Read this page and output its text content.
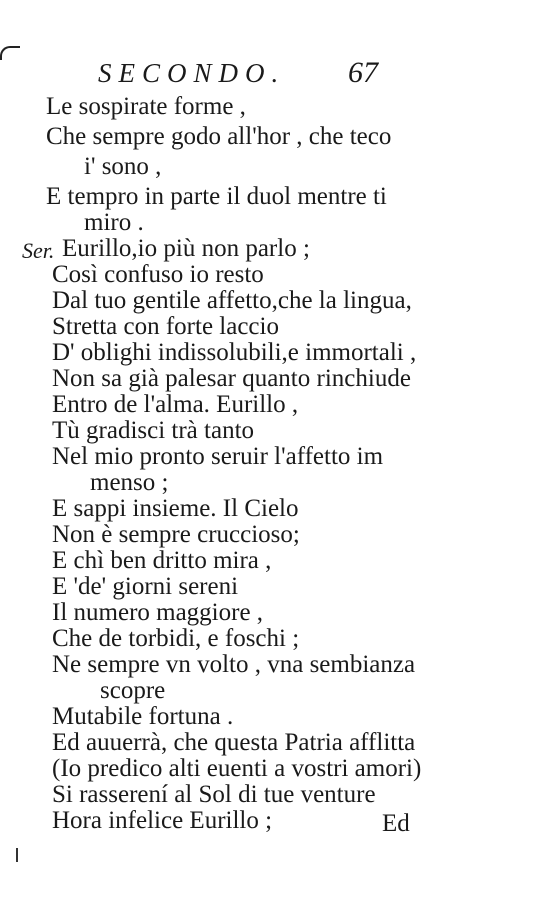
SECONDO. 67
Le sospirate forme ,
Che sempre godo all'hor , che teco
i' sono ,
E tempro in parte il duol mentre ti
miro .
Ser. Eurillo,io più non parlo ;
Così confuso io resto
Dal tuo gentile affetto,che la lingua,
Stretta con forte laccio
D' oblighi indissolubili,e immortali ,
Non sa già palesar quanto rinchiude
Entro de l'alma. Eurillo ,
Tù gradisci trà tanto
Nel mio pronto seruir l'affetto im
menso ;
E sappi insieme. Il Cielo
Non è sempre crucciosо;
E chì ben dritto mira ,
E 'de' giorni sereni
Il numero maggiore ,
Che de torbidi, e foschi ;
Ne sempre vn volto , vna sembianza
scopre
Mutabile fortuna .
Ed auuerrà, che questa Patria afflitta
(Io predico alti euenti a vostri amori)
Si rasserení al Sol di tue venture
Hora infelice Eurillo ;	Ed
